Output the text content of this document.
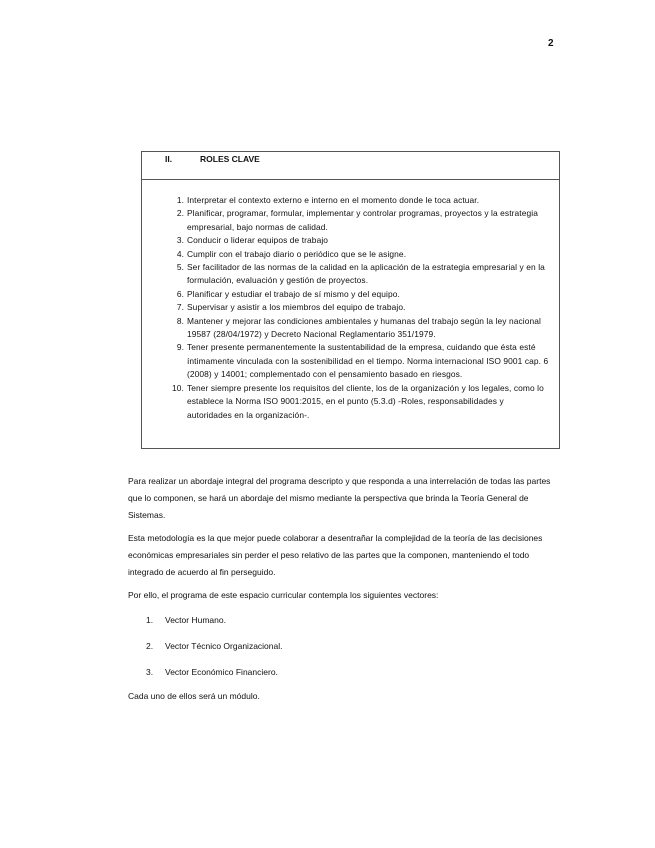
2
II.	ROLES CLAVE
1. Interpretar el contexto externo e interno en el momento donde le toca actuar.
2. Planificar, programar, formular, implementar y controlar programas, proyectos y la estrategia empresarial, bajo normas de calidad.
3. Conducir o liderar equipos de trabajo
4. Cumplir con el trabajo diario o periódico que se le asigne.
5. Ser facilitador de las normas de la calidad en la aplicación de la estrategia empresarial y en la formulación, evaluación y gestión de proyectos.
6. Planificar y estudiar el trabajo de sí mismo y del equipo.
7. Supervisar y asistir a los miembros del equipo de trabajo.
8. Mantener y mejorar las condiciones ambientales y humanas del trabajo según la ley nacional 19587 (28/04/1972) y Decreto Nacional Reglamentario 351/1979.
9. Tener presente permanentemente la sustentabilidad de la empresa, cuidando que ésta esté íntimamente vinculada con la sostenibilidad en el tiempo. Norma internacional ISO 9001 cap. 6 (2008) y 14001; complementado con el pensamiento basado en riesgos.
10. Tener siempre presente los requisitos del cliente, los de la organización y los legales, como lo establece la Norma ISO 9001:2015, en el punto (5.3.d) -Roles, responsabilidades y autoridades en la organización-.
Para realizar un abordaje integral del programa descripto y que responda a una interrelación de todas las partes que lo componen, se hará un abordaje del mismo mediante la perspectiva que brinda la Teoría General de Sistemas.
Esta metodología es la que mejor puede colaborar a desentrañar la complejidad de la teoría de las decisiones económicas empresariales sin perder el peso relativo de las partes que la componen, manteniendo el todo integrado de acuerdo al fin perseguido.
Por ello, el programa de este espacio curricular contempla los siguientes vectores:
1. Vector Humano.
2. Vector Técnico Organizacional.
3. Vector Económico Financiero.
Cada uno de ellos será un módulo.
